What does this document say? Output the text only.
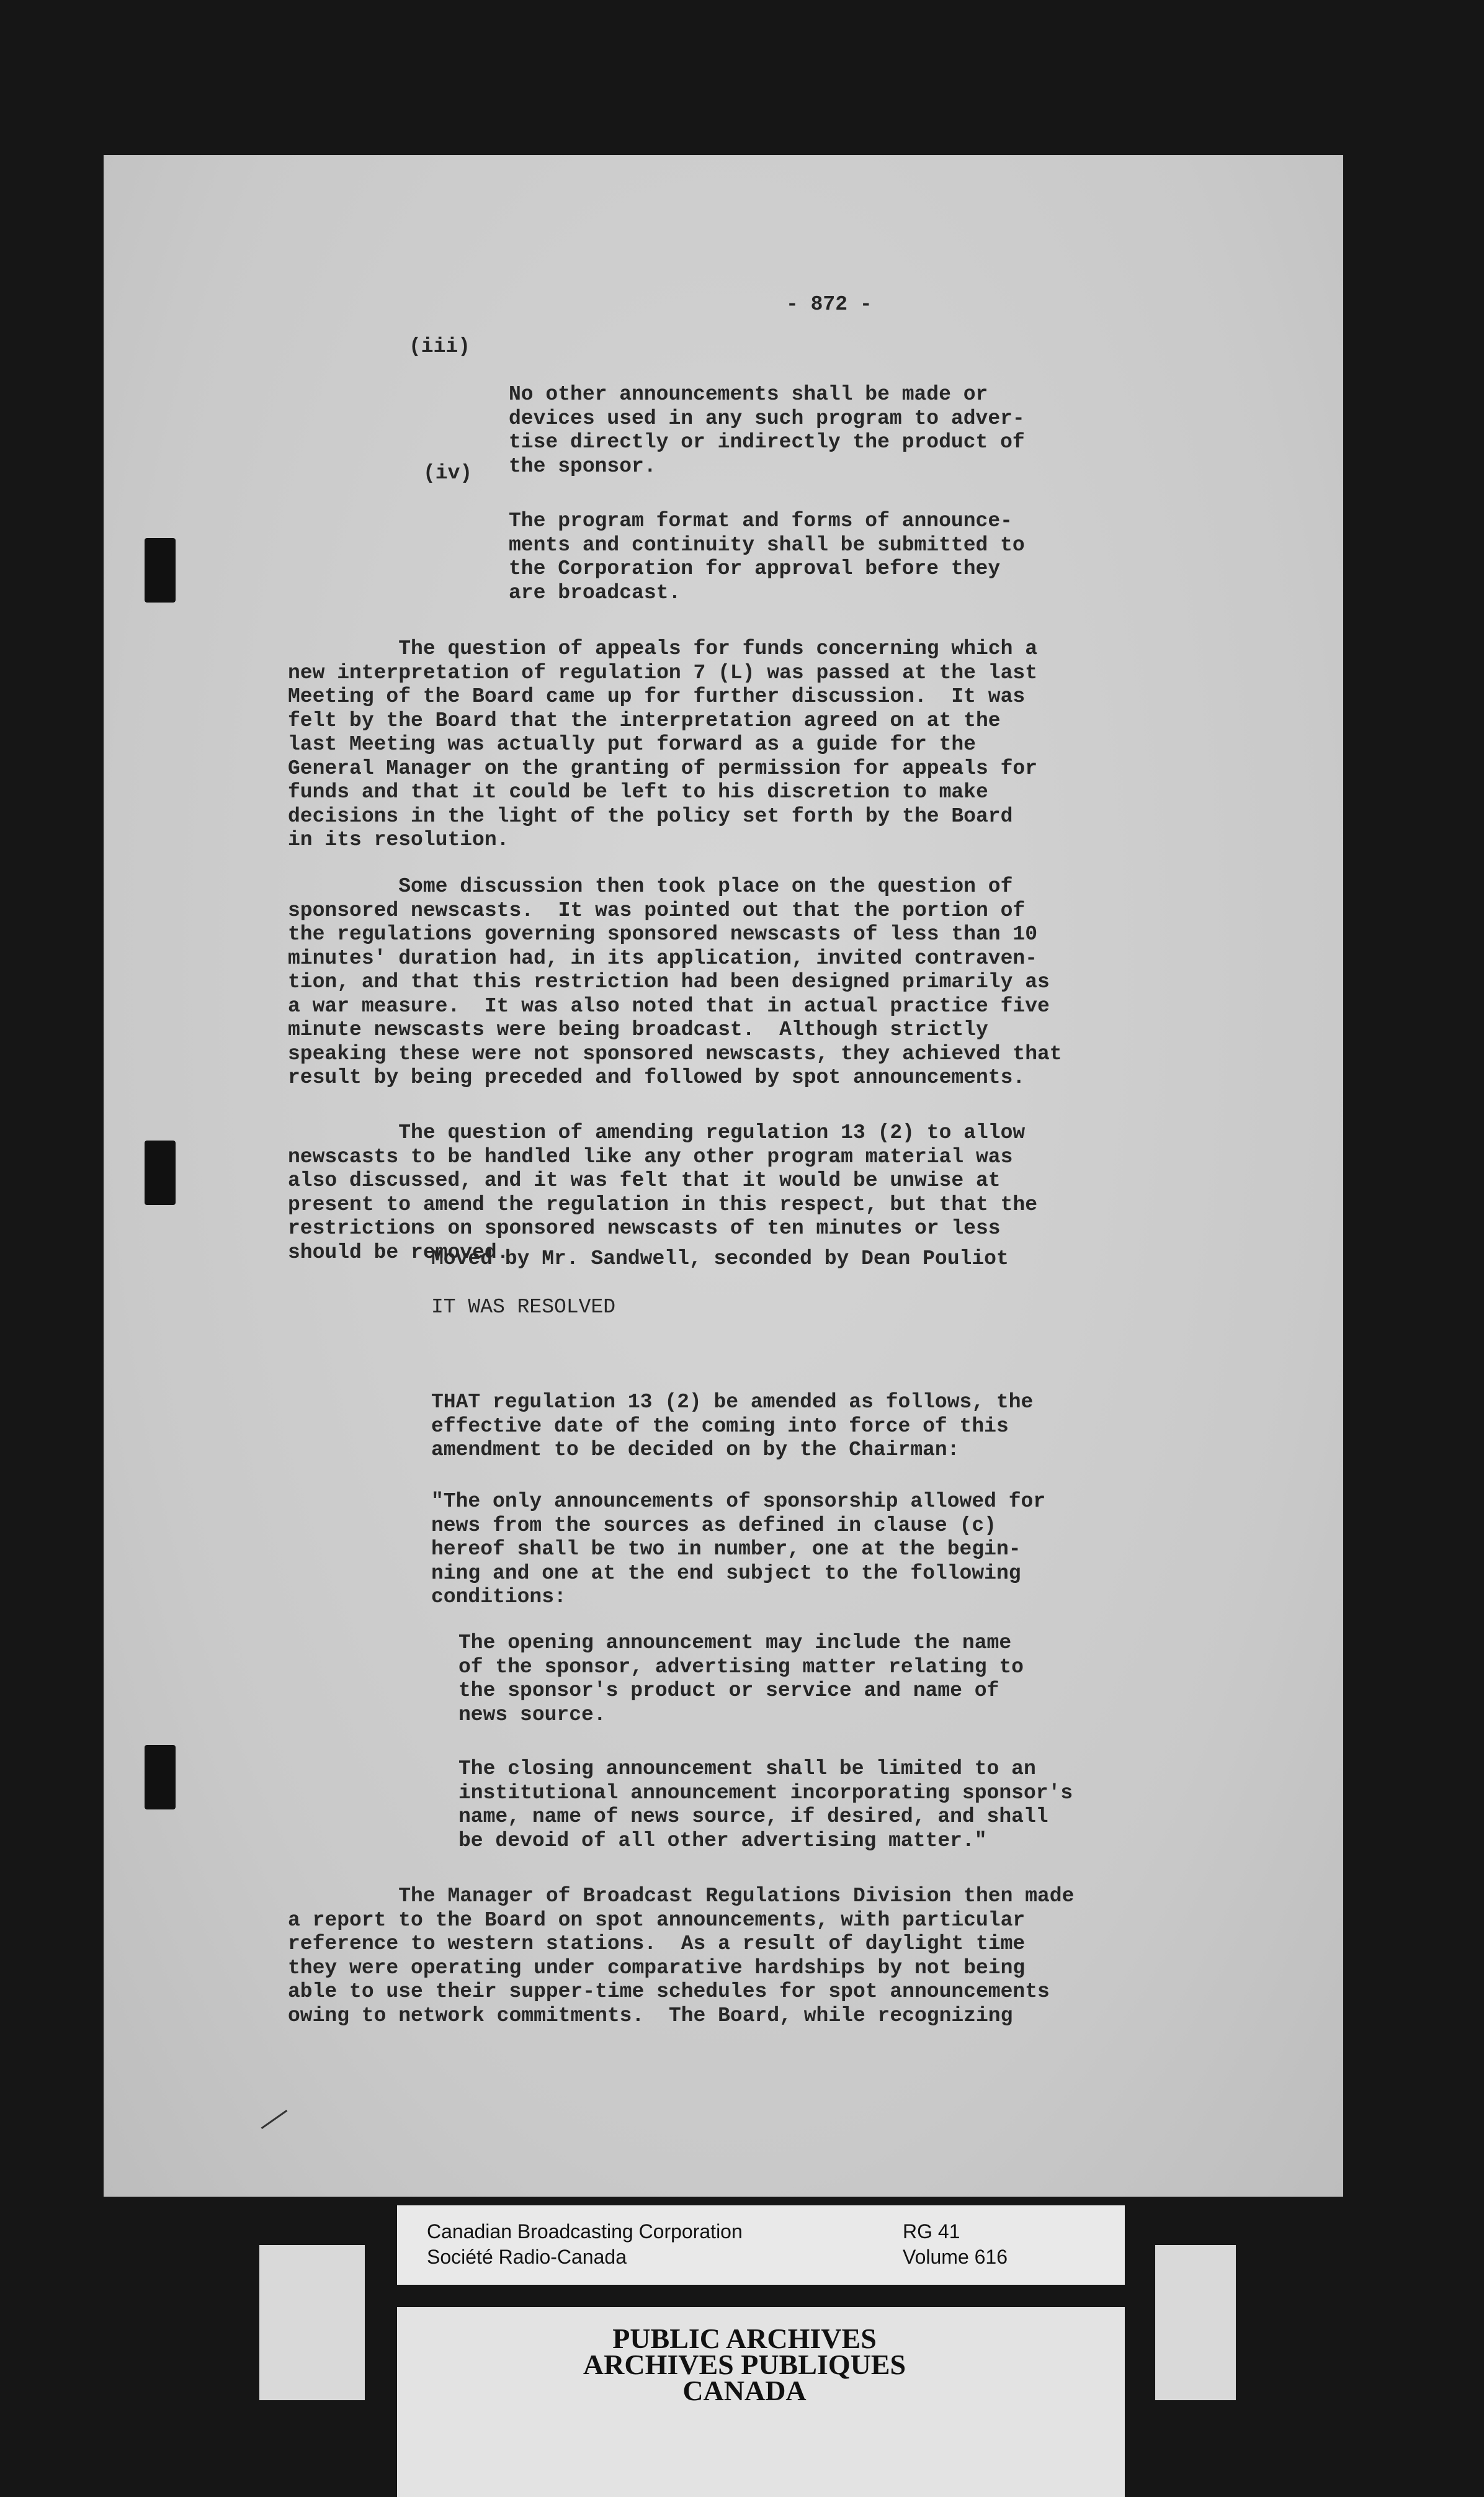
- 872 -
(iii)

No other announcements shall be made or
devices used in any such program to adver-
tise directly or indirectly the product of
the sponsor.

(iv)

The program format and forms of announce-
ments and continuity shall be submitted to
the Corporation for approval before they
are broadcast.

The question of appeals for funds concerning which a
new interpretation of regulation 7 (L) was passed at the last
Meeting of the Board came up for further discussion.  It was
felt by the Board that the interpretation agreed on at the
last Meeting was actually put forward as a guide for the
General Manager on the granting of permission for appeals for
funds and that it could be left to his discretion to make
decisions in the light of the policy set forth by the Board
in its resolution.

Some discussion then took place on the question of
sponsored newscasts.  It was pointed out that the portion of
the regulations governing sponsored newscasts of less than 10
minutes' duration had, in its application, invited contraven-
tion, and that this restriction had been designed primarily as
a war measure.  It was also noted that in actual practice five
minute newscasts were being broadcast.  Although strictly
speaking these were not sponsored newscasts, they achieved that
result by being preceded and followed by spot announcements.

The question of amending regulation 13 (2) to allow
newscasts to be handled like any other program material was
also discussed, and it was felt that it would be unwise at
present to amend the regulation in this respect, but that the
restrictions on sponsored newscasts of ten minutes or less
should be removed.

Moved by Mr. Sandwell, seconded by Dean Pouliot
IT WAS RESOLVED

THAT regulation 13 (2) be amended as follows, the
effective date of the coming into force of this
amendment to be decided on by the Chairman:

"The only announcements of sponsorship allowed for
news from the sources as defined in clause (c)
hereof shall be two in number, one at the begin-
ning and one at the end subject to the following
conditions:

The opening announcement may include the name
of the sponsor, advertising matter relating to
the sponsor's product or service and name of
news source.

The closing announcement shall be limited to an
institutional announcement incorporating sponsor's
name, name of news source, if desired, and shall
be devoid of all other advertising matter."

The Manager of Broadcast Regulations Division then made
a report to the Board on spot announcements, with particular
reference to western stations.  As a result of daylight time
they were operating under comparative hardships by not being
able to use their supper-time schedules for spot announcements
owing to network commitments.  The Board, while recognizing

Canadian Broadcasting Corporation
Société Radio-Canada
RG 41
Volume 616
PUBLIC ARCHIVES
ARCHIVES PUBLIQUES
CANADA
